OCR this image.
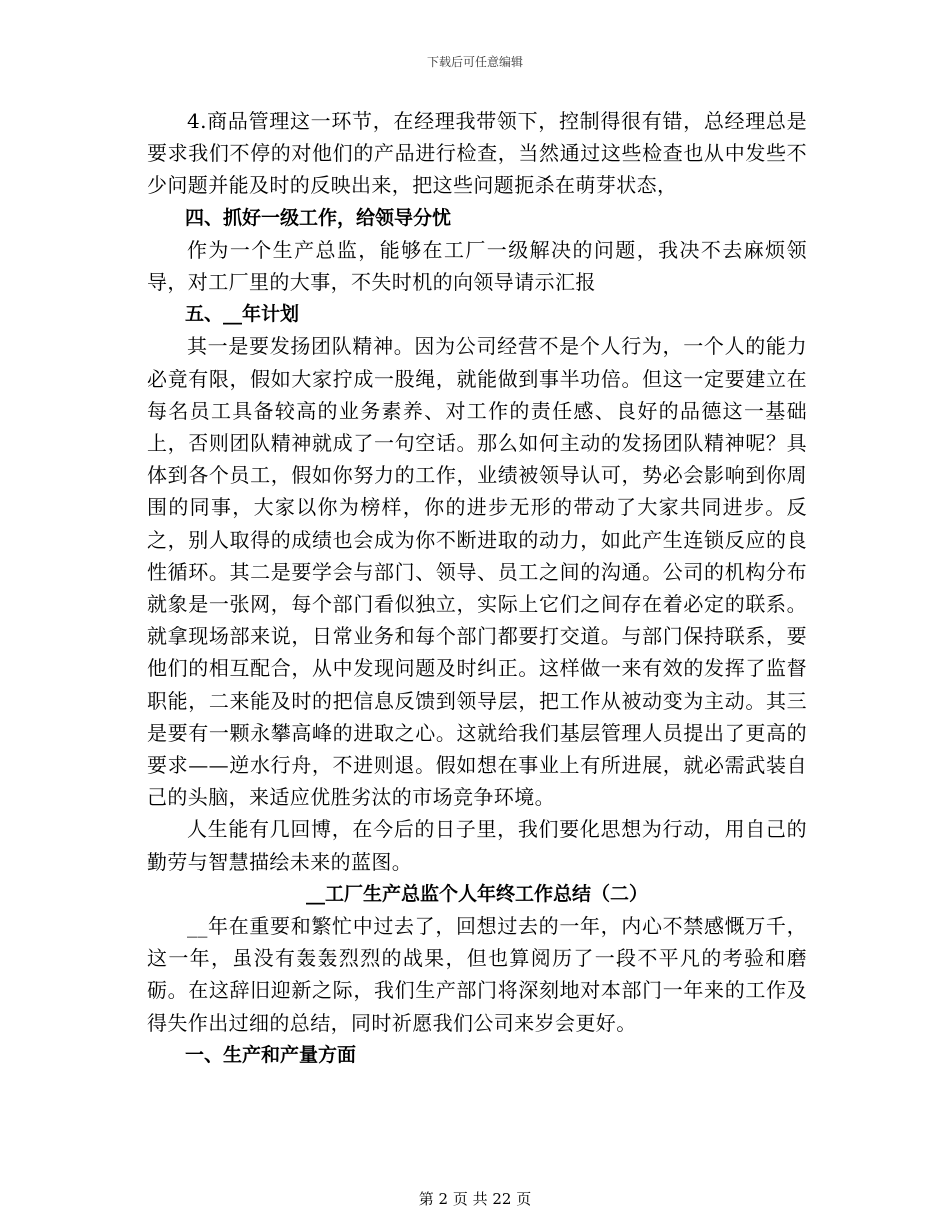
下载后可任意编辑

4.商品管理这一环节，在经理我带领下，控制得很有错，总经理总是要求我们不停的对他们的产品进行检查，当然通过这些检查也从中发些不少问题并能及时的反映出来，把这些问题扼杀在萌芽状态，

四、抓好一级工作，给领导分忧

作为一个生产总监，能够在工厂一级解决的问题，我决不去麻烦领导，对工厂里的大事，不失时机的向领导请示汇报

五、__年计划

其一是要发扬团队精神。因为公司经营不是个人行为，一个人的能力必竟有限，假如大家拧成一股绳，就能做到事半功倍。但这一定要建立在每名员工具备较高的业务素养、对工作的责任感、良好的品德这一基础上，否则团队精神就成了一句空话。那么如何主动的发扬团队精神呢？具体到各个员工，假如你努力的工作，业绩被领导认可，势必会影响到你周围的同事，大家以你为榜样，你的进步无形的带动了大家共同进步。反之，别人取得的成绩也会成为你不断进取的动力，如此产生连锁反应的良性循环。其二是要学会与部门、领导、员工之间的沟通。公司的机构分布就象是一张网，每个部门看似独立，实际上它们之间存在着必定的联系。就拿现场部来说，日常业务和每个部门都要打交道。与部门保持联系，要他们的相互配合，从中发现问题及时纠正。这样做一来有效的发挥了监督职能，二来能及时的把信息反馈到领导层，把工作从被动变为主动。其三是要有一颗永攀高峰的进取之心。这就给我们基层管理人员提出了更高的要求——逆水行舟，不进则退。假如想在事业上有所进展，就必需武装自己的头脑，来适应优胜劣汰的市场竞争环境。

人生能有几回博，在今后的日子里，我们要化思想为行动，用自己的勤劳与智慧描绘未来的蓝图。

__工厂生产总监个人年终工作总结（二）

__年在重要和繁忙中过去了，回想过去的一年，内心不禁感慨万千，这一年，虽没有轰轰烈烈的战果，但也算阅历了一段不平凡的考验和磨砺。在这辞旧迎新之际，我们生产部门将深刻地对本部门一年来的工作及得失作出过细的总结，同时祈愿我们公司来岁会更好。

一、生产和产量方面

第 2 页 共 22 页
